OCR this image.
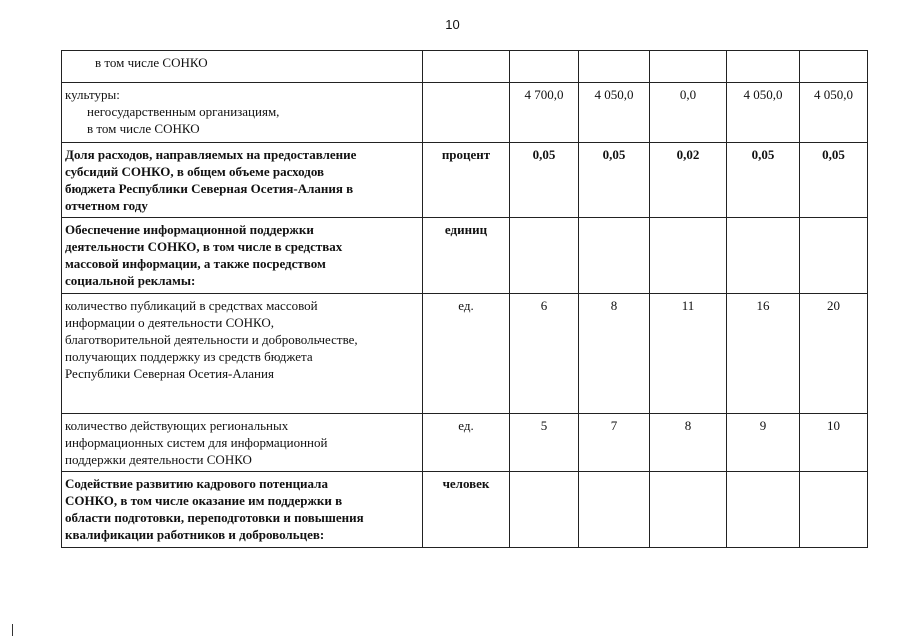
10
в том числе СОНКО						

культуры:
негосударственным организациям,
в том числе СОНКО		4 700,0	4 050,0	0,0	4 050,0	4 050,0

Доля расходов, направляемых на предоставление
субсидий СОНКО, в общем объеме расходов
бюджета Республики Северная Осетия-Алания в
отчетном году	процент	0,05	0,05	0,02	0,05	0,05

Обеспечение информационной поддержки
деятельности СОНКО, в том числе в средствах
массовой информации, а также посредством
социальной рекламы:	единиц					

количество публикаций в средствах массовой
информации о деятельности СОНКО,
благотворительной деятельности и добровольчестве,
получающих поддержку из средств бюджета
Республики Северная Осетия-Алания	ед.	6	8	11	16	20

количество действующих региональных
информационных систем для информационной
поддержки деятельности СОНКО	ед.	5	7	8	9	10

Содействие развитию кадрового потенциала
СОНКО, в том числе оказание им поддержки в
области подготовки, переподготовки и повышения
квалификации работников и добровольцев:	человек					
